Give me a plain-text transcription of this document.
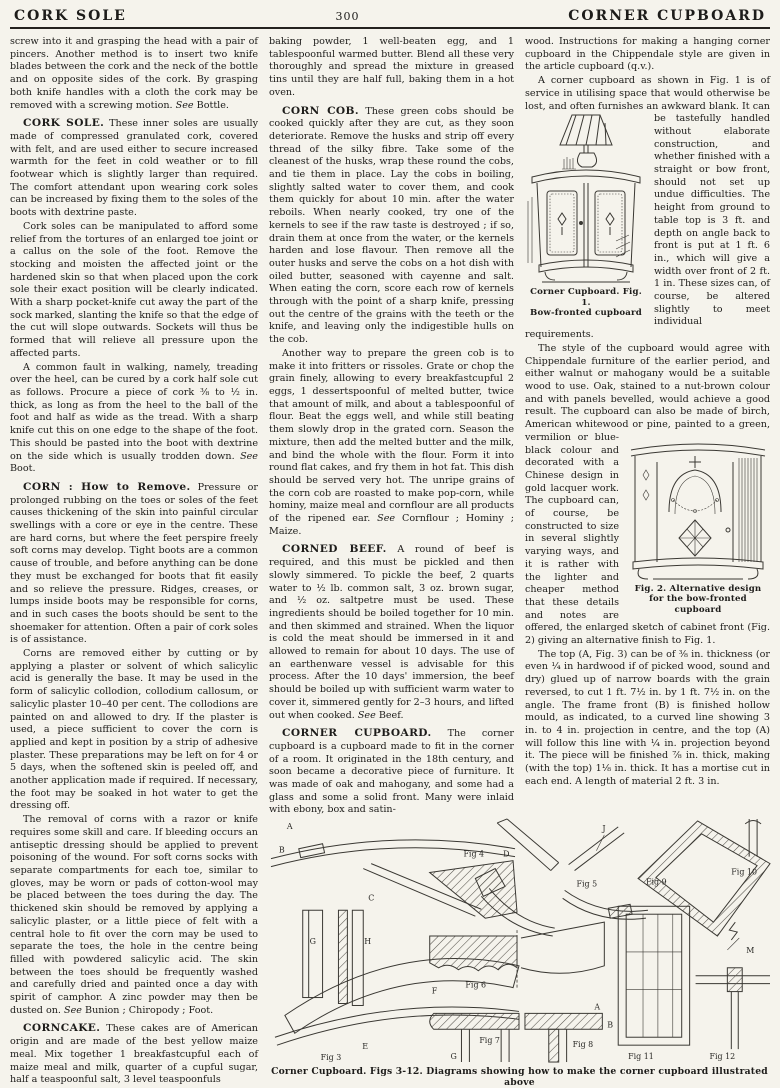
CORK SOLE	300	CORNER CUPBOARD

screw into it and grasping the head with a pair of pincers. Another method is to insert two knife blades between the cork and the neck of the bottle and on opposite sides of the cork. By grasping both knife handles with a cloth the cork may be removed with a screwing motion. See Bottle.

CORK SOLE. These inner soles are usually made of compressed granulated cork, covered with felt, and are used either to secure increased warmth for the feet in cold weather or to fill footwear which is slightly larger than required. The comfort attendant upon wearing cork soles can be increased by fixing them to the soles of the boots with dextrine paste.

Cork soles can be manipulated to afford some relief from the tortures of an enlarged toe joint or a callus on the sole of the foot. Remove the stocking and moisten the affected joint or the hardened skin so that when placed upon the cork sole their exact position will be clearly indicated. With a sharp pocket-knife cut away the part of the sock marked, slanting the knife so that the edge of the cut will slope outwards. Sockets will thus be formed that will relieve all pressure upon the affected parts.

A common fault in walking, namely, treading over the heel, can be cured by a cork half sole cut as follows. Procure a piece of cork ⅜ to ½ in. thick, as long as from the heel to the ball of the foot and half as wide as the tread. With a sharp knife cut this on one edge to the shape of the foot. This should be pasted into the boot with dextrine on the side which is usually trodden down. See Boot.

CORN : How to Remove. Pressure or prolonged rubbing on the toes or soles of the feet causes thickening of the skin into painful circular swellings with a core or eye in the centre. These are hard corns, but where the feet perspire freely soft corns may develop. Tight boots are a common cause of trouble, and before anything can be done they must be exchanged for boots that fit easily and so relieve the pressure. Ridges, creases, or lumps inside boots may be responsible for corns, and in such cases the boots should be sent to the shoemaker for attention. Often a pair of cork soles is of assistance.

Corns are removed either by cutting or by applying a plaster or solvent of which salicylic acid is generally the base. It may be used in the form of salicylic collodion, collodium callosum, or salicylic plaster 10–40 per cent. The collodions are painted on and allowed to dry. If the plaster is used, a piece sufficient to cover the corn is applied and kept in position by a strip of adhesive plaster. These preparations may be left on for 4 or 5 days, when the softened skin is peeled off, and another application made if required. If necessary, the foot may be soaked in hot water to get the dressing off.

The removal of corns with a razor or knife requires some skill and care. If bleeding occurs an antiseptic dressing should be applied to prevent poisoning of the wound. For soft corns socks with separate compartments for each toe, similar to gloves, may be worn or pads of cotton-wool may be placed between the toes during the day. The thickened skin should be removed by applying a salicylic plaster, or a little piece of felt with a central hole to fit over the corn may be used to separate the toes, the hole in the centre being filled with powdered salicylic acid. The skin between the toes should be frequently washed and carefully dried and painted once a day with spirit of camphor. A zinc powder may then be dusted on. See Bunion ; Chiropody ; Foot.

CORNCAKE. These cakes are of American origin and are made of the best yellow maize meal. Mix together 1 breakfastcupful each of maize meal and milk, quarter of a cupful sugar, half a teaspoonful salt, 3 level teaspoonfuls

baking powder, 1 well-beaten egg, and 1 tablespoonful warmed butter. Blend all these very thoroughly and spread the mixture in greased tins until they are half full, baking them in a hot oven.

CORN COB. These green cobs should be cooked quickly after they are cut, as they soon deteriorate. Remove the husks and strip off every thread of the silky fibre. Take some of the cleanest of the husks, wrap these round the cobs, and tie them in place. Lay the cobs in boiling, slightly salted water to cover them, and cook them quickly for about 10 min. after the water reboils. When nearly cooked, try one of the kernels to see if the raw taste is destroyed ; if so, drain them at once from the water, or the kernels harden and lose flavour. Then remove all the outer husks and serve the cobs on a hot dish with oiled butter, seasoned with cayenne and salt. When eating the corn, score each row of kernels through with the point of a sharp knife, pressing out the centre of the grains with the teeth or the knife, and leaving only the indigestible hulls on the cob.

Another way to prepare the green cob is to make it into fritters or rissoles. Grate or chop the grain finely, allowing to every breakfastcupful 2 eggs, 1 dessertspoonful of melted butter, twice that amount of milk, and about a tablespoonful of flour. Beat the eggs well, and while still beating them slowly drop in the grated corn. Season the mixture, then add the melted butter and the milk, and bind the whole with the flour. Form it into round flat cakes, and fry them in hot fat. This dish should be served very hot. The unripe grains of the corn cob are roasted to make pop-corn, while hominy, maize meal and cornflour are all products of the ripened ear. See Cornflour ; Hominy ; Maize.

CORNED BEEF. A round of beef is required, and this must be pickled and then slowly simmered. To pickle the beef, 2 quarts water to ½ lb. common salt, 3 oz. brown sugar, and ½ oz. saltpetre must be used. These ingredients should be boiled together for 10 min. and then skimmed and strained. When the liquor is cold the meat should be immersed in it and allowed to remain for about 10 days. The use of an earthenware vessel is advisable for this process. After the 10 days' immersion, the beef should be boiled up with sufficient warm water to cover it, simmered gently for 2–3 hours, and lifted out when cooked. See Beef.

CORNER CUPBOARD. The corner cupboard is a cupboard made to fit in the corner of a room. It originated in the 18th century, and soon became a decorative piece of furniture. It was made of oak and mahogany, and some had a glass and some a solid front. Many were inlaid with ebony, box and satin-

wood. Instructions for making a hanging corner cupboard in the Chippendale style are given in the article cupboard (q.v.).

A corner cupboard as shown in Fig. 1 is of service in utilising space that would otherwise be lost, and often furnishes an awkward
Corner Cupboard. Fig. 1.
Bow-fronted cupboard
blank. It can be tastefully handled without elaborate construction, and whether finished with a straight or bow front, should not set up undue difficulties. The height from ground to table top is 3 ft. and depth on angle back to front is put at 1 ft. 6 in., which will give a width over front of 2 ft. 1 in. These sizes can, of course, be altered slightly to meet individual requirements.

The style of the cupboard would agree with Chippendale furniture of the earlier period, and either walnut or mahogany would be a suitable wood to use. Oak, stained to a nut-brown colour and with panels bevelled, would achieve a good result. The cupboard can also be made of birch, American whitewood or pine, painted to a
Fig. 2. Alternative design for the bow-fronted cupboard
green, vermilion or blue-black colour and decorated with a Chinese design in gold lacquer work. The cupboard can, of course, be constructed to size in several slightly varying ways, and it is rather with the lighter and cheaper method that these details and notes are offered, the enlarged sketch of cabinet front (Fig. 2) giving an alternative finish to Fig. 1.

The top (A, Fig. 3) can be of ⅜ in. thickness (or even ¼ in hardwood if of picked wood, sound and dry) glued up of narrow boards with the grain reversed, to cut 1 ft. 7½ in. by 1 ft. 7½ in. on the angle. The frame front (B) is finished hollow mould, as indicated, to a curved line showing 3 in. to 4 in. projection in centre, and the top (A) will follow this line with ¼ in. projection beyond it. The piece will be finished ⅞ in. thick, making (with the top) 1⅛ in. thick. It has a mortise cut in each end. A length of material 2 ft. 3 in.

A
B
C
D
E
F
G	H
J
M
A
B
G
Fig 3
Fig 4
Fig 5
Fig 6
Fig 7	Fig 8
Fig 9
Fig 10
Fig 11	Fig 12
Corner Cupboard. Figs 3-12. Diagrams showing how to make the corner cupboard illustrated above
